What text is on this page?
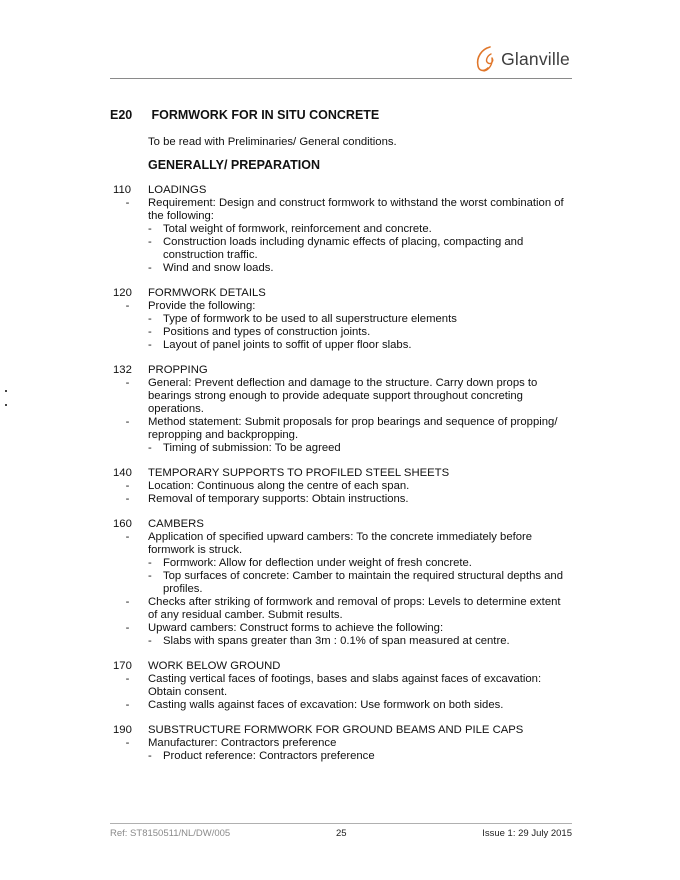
Glanville
E20 FORMWORK FOR IN SITU CONCRETE
To be read with Preliminaries/ General conditions.
GENERALLY/ PREPARATION
110	LOADINGS
-	Requirement: Design and construct formwork to withstand the worst combination of the following:
- Total weight of formwork, reinforcement and concrete.
- Construction loads including dynamic effects of placing, compacting and construction traffic.
- Wind and snow loads.
120	FORMWORK DETAILS
-	Provide the following:
- Type of formwork to be used to all superstructure elements
- Positions and types of construction joints.
- Layout of panel joints to soffit of upper floor slabs.
132	PROPPING
-	General: Prevent deflection and damage to the structure. Carry down props to bearings strong enough to provide adequate support throughout concreting operations.
-	Method statement: Submit proposals for prop bearings and sequence of propping/ repropping and backpropping.
- Timing of submission: To be agreed
140	TEMPORARY SUPPORTS TO PROFILED STEEL SHEETS
-	Location: Continuous along the centre of each span.
-	Removal of temporary supports: Obtain instructions.
160	CAMBERS
-	Application of specified upward cambers: To the concrete immediately before formwork is struck.
- Formwork: Allow for deflection under weight of fresh concrete.
- Top surfaces of concrete: Camber to maintain the required structural depths and profiles.
-	Checks after striking of formwork and removal of props: Levels to determine extent of any residual camber. Submit results.
-	Upward cambers: Construct forms to achieve the following:
- Slabs with spans greater than 3m : 0.1% of span measured at centre.
170	WORK BELOW GROUND
-	Casting vertical faces of footings, bases and slabs against faces of excavation: Obtain consent.
-	Casting walls against faces of excavation: Use formwork on both sides.
190	SUBSTRUCTURE FORMWORK FOR GROUND BEAMS AND PILE CAPS
-	Manufacturer: Contractors preference
- Product reference: Contractors preference
Ref: ST8150511/NL/DW/005	25	Issue 1: 29 July 2015
